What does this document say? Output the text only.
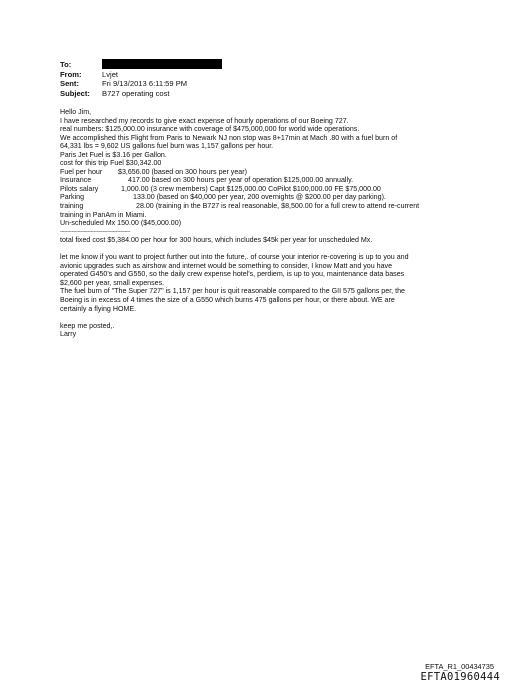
To:
From:	Lvjet
Sent:	Fri 9/13/2013 6:11:59 PM
Subject:	B727 operating cost
Hello Jim,
I have researched my records to give exact expense of hourly operations of our Boeing 727.
real numbers: $125,000.00 insurance with coverage of $475,000,000 for world wide operations.
We accomplished this Flight from Paris to Newark NJ non stop was 8+17min at Mach .80 with a fuel burn of
64,331 lbs = 9,602 US gallons fuel burn was 1,157 gallons per hour.
Paris Jet Fuel is $3.16 per Gallon.
cost for this trip Fuel $30,342.00
Fuel per hour	$3,656.00 (based on 300 hours per year)
Insurance	417.00 based on 300 hours per year of operation $125,000.00 annually.
Pilots salary	1,000.00 (3 crew members) Capt $125,000.00 CoPilot $100,000.00 FE $75,000.00
Parking	133.00 (based on $40,000 per year, 200 overnights @ $200.00 per day parking).
training	28.00 (training in the B727 is real reasonable, $8,500.00 for a full crew to attend re-current
training in PanAm in Miami.
Un-scheduled Mx 150.00 ($45,000.00)
------------------------------------------------
total fixed cost $5,384.00 per hour for 300 hours, which includes $45k per year for unscheduled Mx.
let me know if you want to project further out into the future,. of course your interior re-covering is up to you and
avionic upgrades such as airshow and internet would be something to consider, I know Matt and you have
operated G450's and G550, so the daily crew expense hotel's, perdiem, is up to you, maintenance data bases
$2,600 per year, small expenses.
The fuel burn of "The Super 727" is 1,157 per hour is quit reasonable compared to the GII 575 gallons per, the
Boeing is in excess of 4 times the size of a G550 which burns 475 gallons per hour, or there about. WE are
certainly a flying HOME.
keep me posted,.
Larry
EFTA_R1_00434735
EFTA01960444
